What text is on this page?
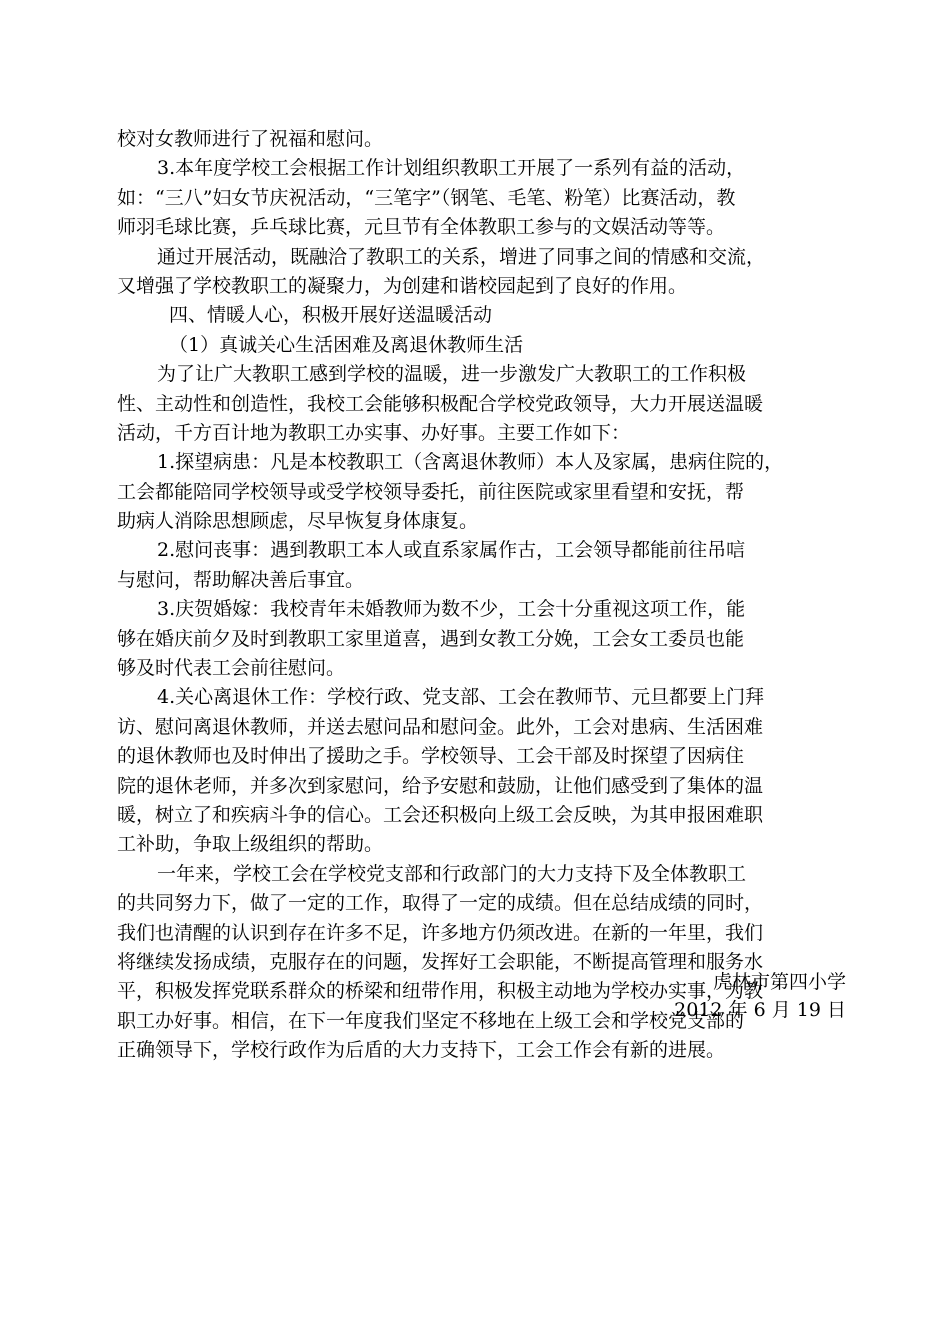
校对女教师进行了祝福和慰问。
3.本年度学校工会根据工作计划组织教职工开展了一系列有益的活动，
如：“三八”妇女节庆祝活动，“三笔字”（钢笔、毛笔、粉笔）比赛活动，教
师羽毛球比赛，乒乓球比赛，元旦节有全体教职工参与的文娱活动等等。
通过开展活动，既融洽了教职工的关系，增进了同事之间的情感和交流，
又增强了学校教职工的凝聚力，为创建和谐校园起到了良好的作用。
四、情暖人心，积极开展好送温暖活动
（1）真诚关心生活困难及离退休教师生活
为了让广大教职工感到学校的温暖，进一步激发广大教职工的工作积极
性、主动性和创造性，我校工会能够积极配合学校党政领导，大力开展送温暖
活动，千方百计地为教职工办实事、办好事。主要工作如下：
1.探望病患：凡是本校教职工（含离退休教师）本人及家属，患病住院的，
工会都能陪同学校领导或受学校领导委托，前往医院或家里看望和安抚，帮
助病人消除思想顾虑，尽早恢复身体康复。
2.慰问丧事：遇到教职工本人或直系家属作古，工会领导都能前往吊唁
与慰问，帮助解决善后事宜。
3.庆贺婚嫁：我校青年未婚教师为数不少，工会十分重视这项工作，能
够在婚庆前夕及时到教职工家里道喜，遇到女教工分娩，工会女工委员也能
够及时代表工会前往慰问。
4.关心离退休工作：学校行政、党支部、工会在教师节、元旦都要上门拜
访、慰问离退休教师，并送去慰问品和慰问金。此外，工会对患病、生活困难
的退休教师也及时伸出了援助之手。学校领导、工会干部及时探望了因病住
院的退休老师，并多次到家慰问，给予安慰和鼓励，让他们感受到了集体的温
暖，树立了和疾病斗争的信心。工会还积极向上级工会反映，为其申报困难职
工补助，争取上级组织的帮助。
一年来，学校工会在学校党支部和行政部门的大力支持下及全体教职工
的共同努力下，做了一定的工作，取得了一定的成绩。但在总结成绩的同时，
我们也清醒的认识到存在许多不足，许多地方仍须改进。在新的一年里，我们
将继续发扬成绩，克服存在的问题，发挥好工会职能，不断提高管理和服务水
平，积极发挥党联系群众的桥梁和纽带作用，积极主动地为学校办实事，为教
职工办好事。相信，在下一年度我们坚定不移地在上级工会和学校党支部的
正确领导下，学校行政作为后盾的大力支持下，工会工作会有新的进展。
虎林市第四小学
2012 年 6 月 19 日
